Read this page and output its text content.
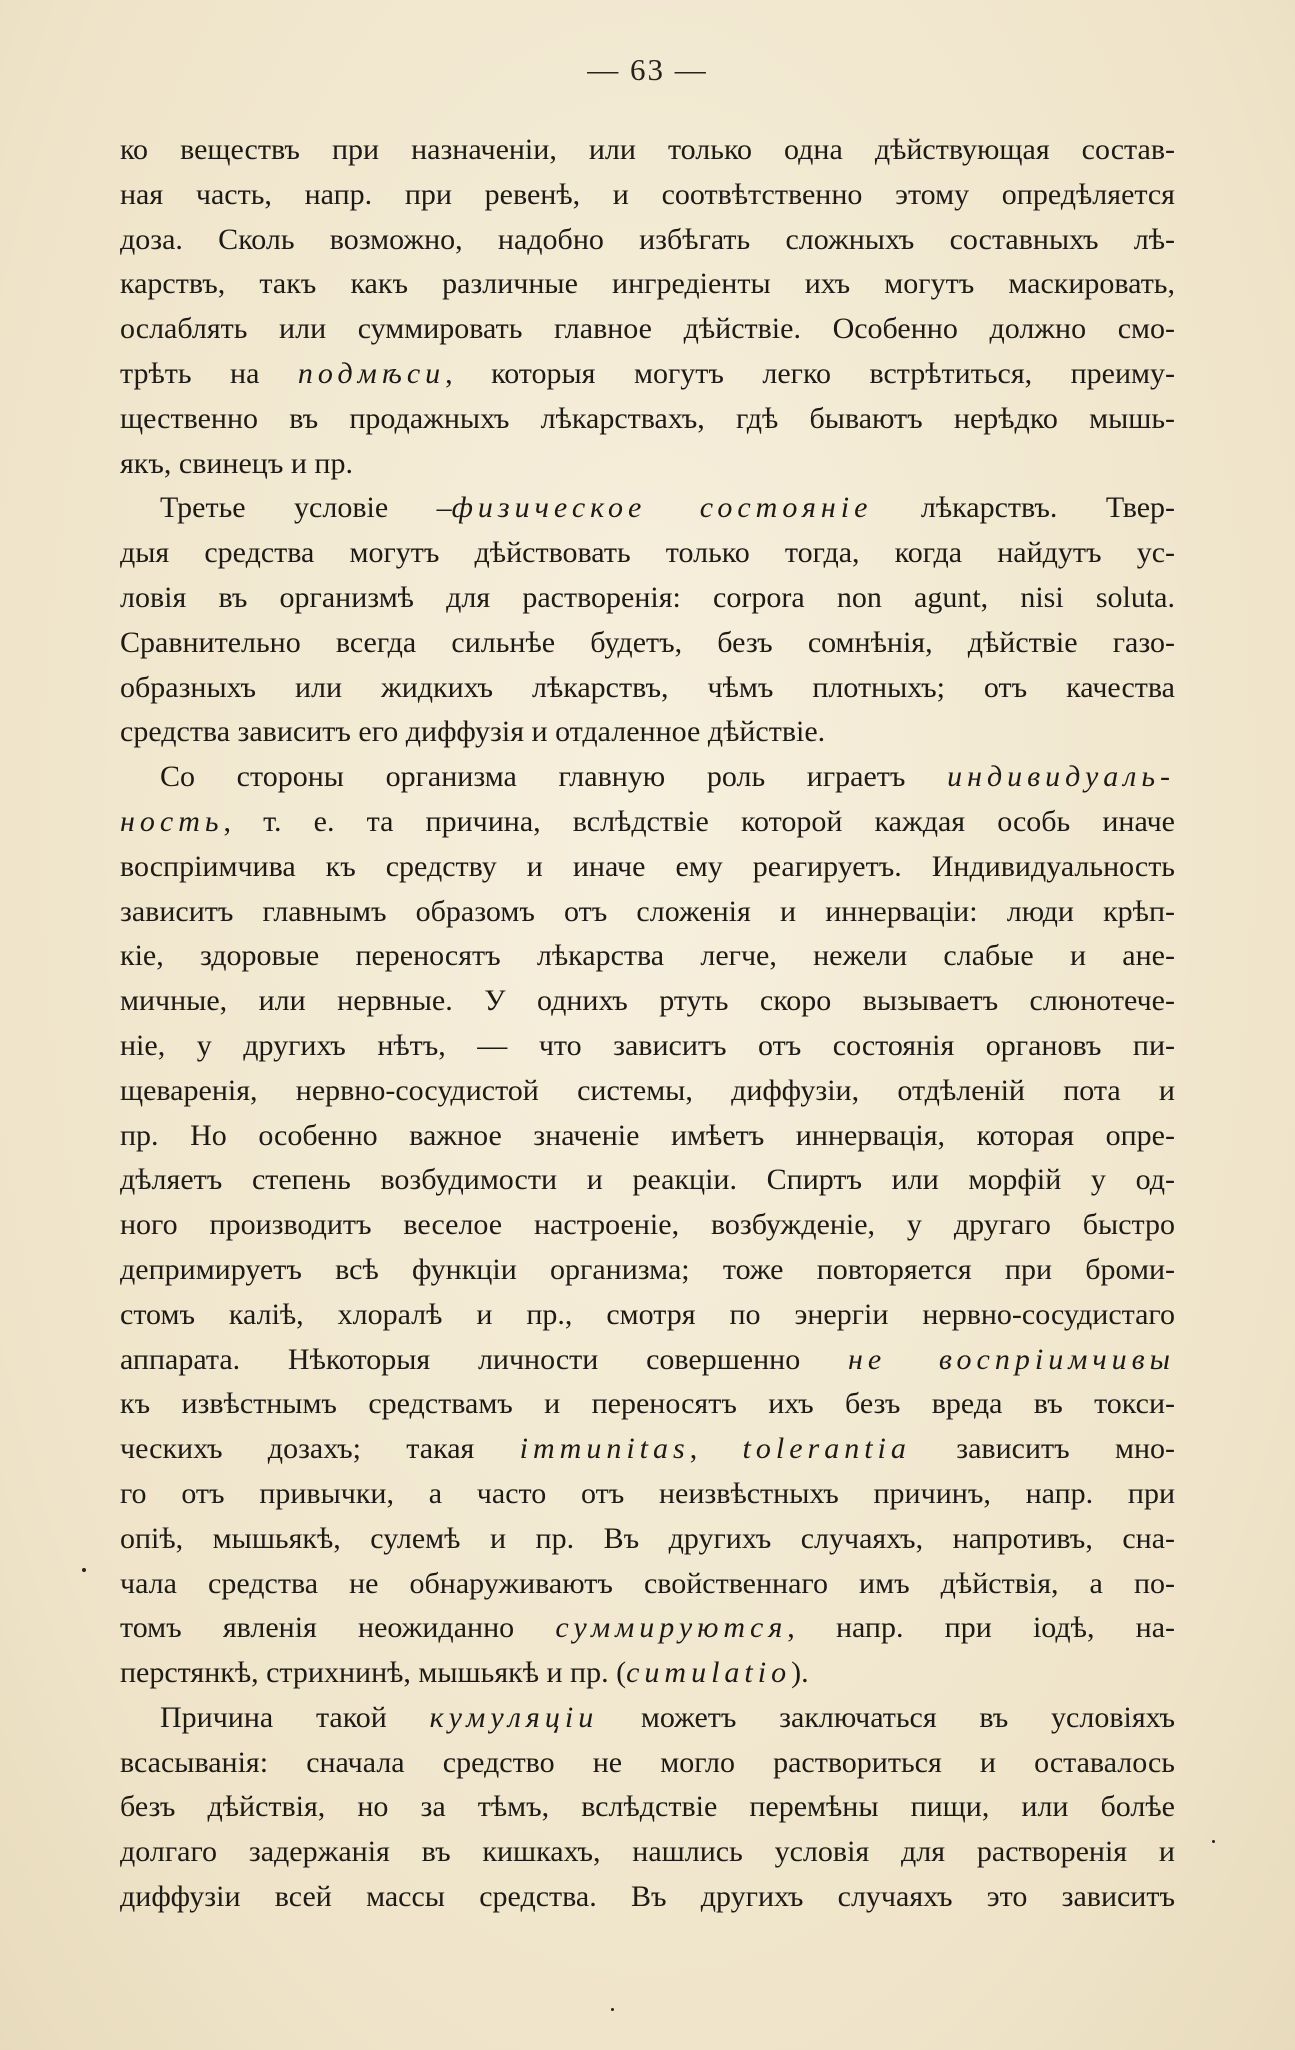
— 63 —
ко веществъ при назначеніи, или только одна дѣйствующая состав-
ная часть, напр. при ревенѣ, и соотвѣтственно этому опредѣляется
доза. Сколь возможно, надобно избѣгать сложныхъ составныхъ лѣ-
карствъ, такъ какъ различные ингредіенты ихъ могутъ маскировать,
ослаблять или суммировать главное дѣйствіе. Особенно должно смо-
трѣть на подмѣси, которыя могутъ легко встрѣтиться, преиму-
щественно въ продажныхъ лѣкарствахъ, гдѣ бываютъ нерѣдко мышь-
якъ, свинецъ и пр.
Третье условіе –физическое состояніе лѣкарствъ. Твер-
дыя средства могутъ дѣйствовать только тогда, когда найдутъ ус-
ловія въ организмѣ для растворенія: corpora non agunt, nisi soluta.
Сравнительно всегда сильнѣе будетъ, безъ сомнѣнія, дѣйствіе газо-
образныхъ или жидкихъ лѣкарствъ, чѣмъ плотныхъ; отъ качества
средства зависитъ его диффузія и отдаленное дѣйствіе.
Со стороны организма главную роль играетъ индивидуаль-
ность, т. е. та причина, вслѣдствіе которой каждая особь иначе
воспріимчива къ средству и иначе ему реагируетъ. Индивидуальность
зависитъ главнымъ образомъ отъ сложенія и иннерваціи: люди крѣп-
кіе, здоровые переносятъ лѣкарства легче, нежели слабые и ане-
мичные, или нервные. У однихъ ртуть скоро вызываетъ слюнотече-
ніе, у другихъ нѣтъ, — что зависитъ отъ состоянія органовъ пи-
щеваренія, нервно-сосудистой системы, диффузіи, отдѣленій пота и
пр. Но особенно важное значеніе имѣетъ иннервація, которая опре-
дѣляетъ степень возбудимости и реакціи. Спиртъ или морфій у од-
ного производитъ веселое настроеніе, возбужденіе, у другаго быстро
депримируетъ всѣ функціи организма; тоже повторяется при броми-
стомъ каліѣ, хлоралѣ и пр., смотря по энергіи нервно-сосудистаго
аппарата. Нѣкоторыя личности совершенно не воспріимчивы
къ извѣстнымъ средствамъ и переносятъ ихъ безъ вреда въ токси-
ческихъ дозахъ; такая immunitas, tolerantia зависитъ мно-
го отъ привычки, а часто отъ неизвѣстныхъ причинъ, напр. при
опіѣ, мышьякѣ, сулемѣ и пр. Въ другихъ случаяхъ, напротивъ, сна-
чала средства не обнаруживаютъ свойственнаго имъ дѣйствія, а по-
томъ явленія неожиданно суммируются, напр. при іодѣ, на-
перстянкѣ, стрихнинѣ, мышьякѣ и пр. (cumulatio).
Причина такой кумуляціи можетъ заключаться въ условіяхъ
всасыванія: сначала средство не могло раствориться и оставалось
безъ дѣйствія, но за тѣмъ, вслѣдствіе перемѣны пищи, или болѣе
долгаго задержанія въ кишкахъ, нашлись условія для растворенія и
диффузіи всей массы средства. Въ другихъ случаяхъ это зависитъ
